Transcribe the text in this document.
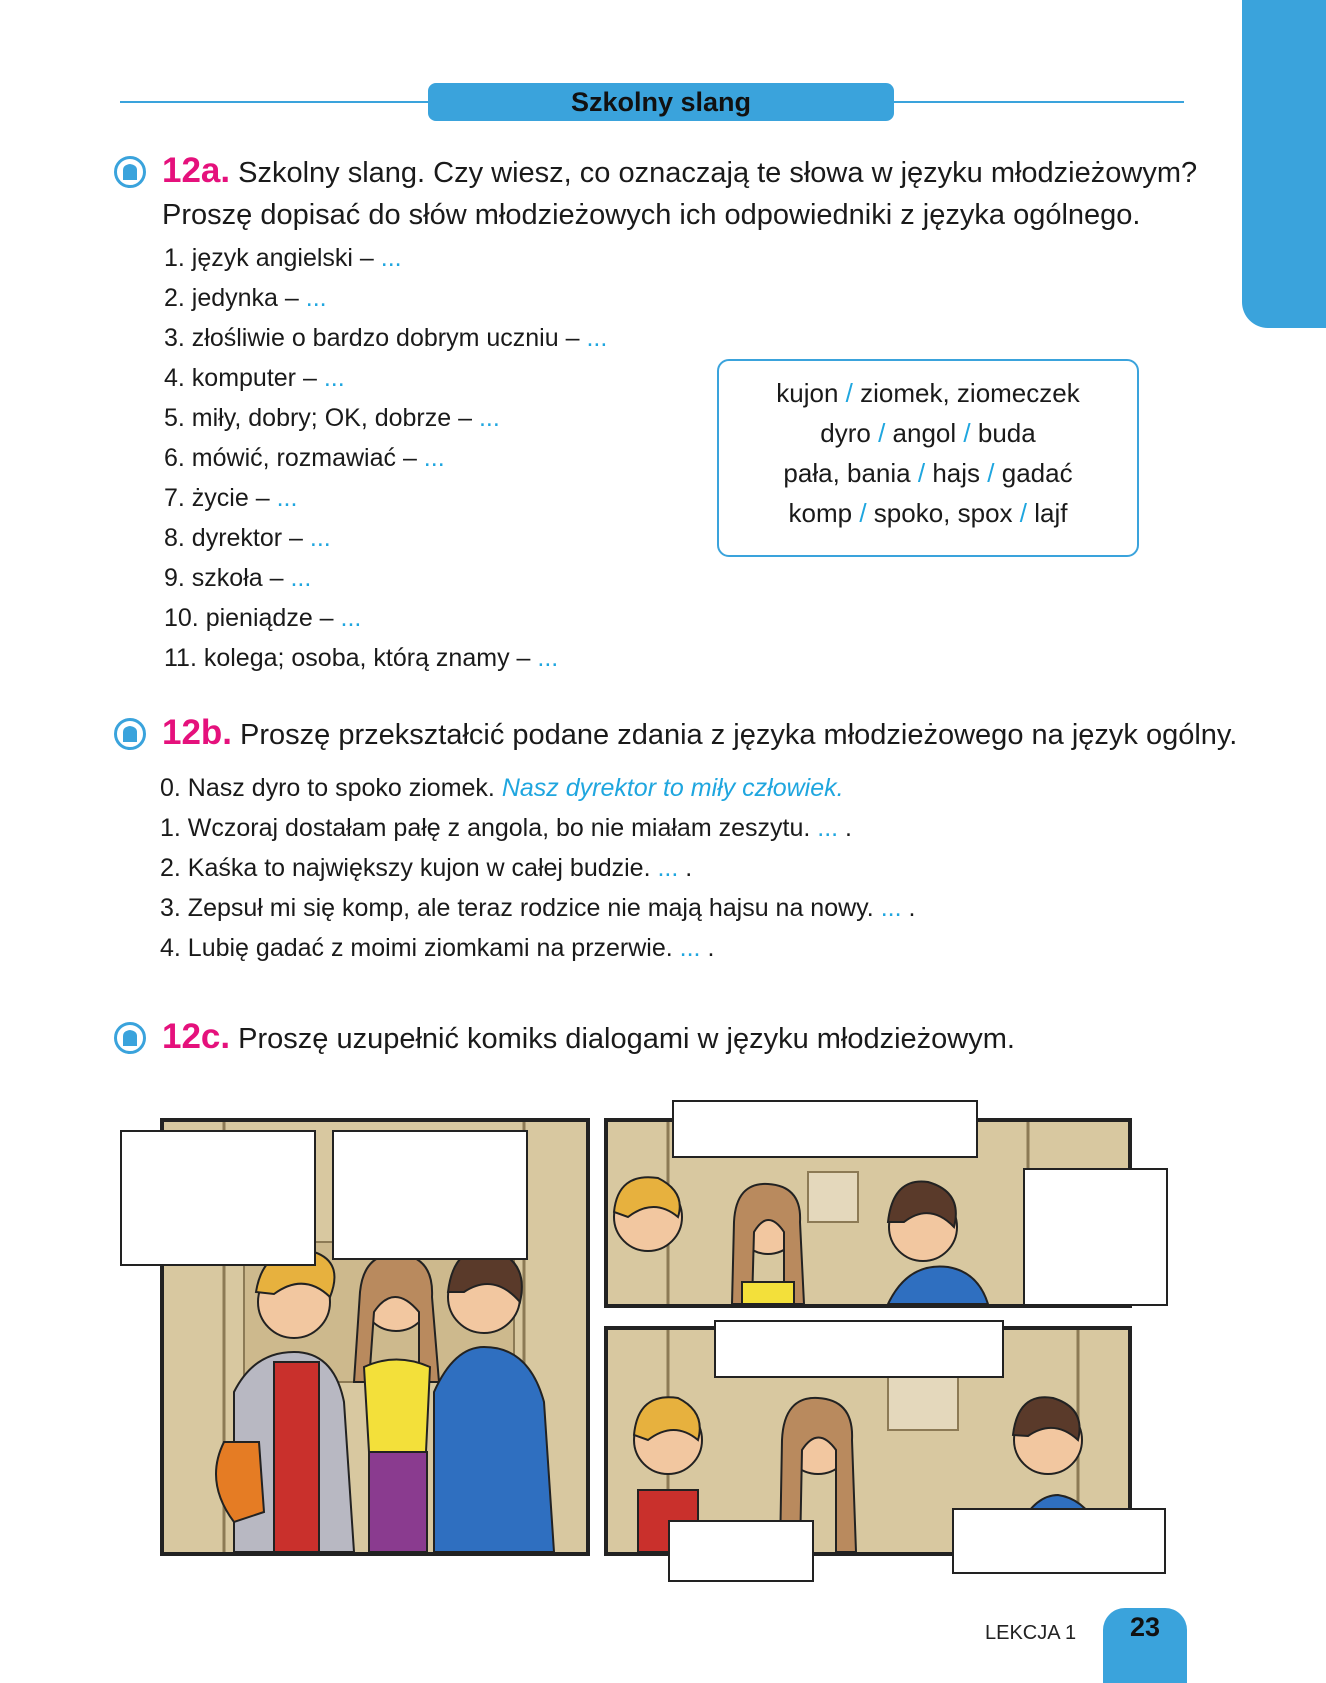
Szkolny slang
12a. Szkolny slang. Czy wiesz, co oznaczają te słowa w języku młodzieżowym?
Proszę dopisać do słów młodzieżowych ich odpowiedniki z języka ogólnego.
1. język angielski – ...
2. jedynka – ...
3. złośliwie o bardzo dobrym uczniu – ...
4. komputer – ...
5. miły, dobry; OK, dobrze – ...
6. mówić, rozmawiać – ...
7. życie – ...
8. dyrektor – ...
9. szkoła – ...
10. pieniądze – ...
11. kolega; osoba, którą znamy – ...
kujon / ziomek, ziomeczek
dyro / angol / buda
pała, bania / hajs / gadać
komp / spoko, spox / lajf
12b. Proszę przekształcić podane zdania z języka młodzieżowego na język ogólny.
0. Nasz dyro to spoko ziomek. Nasz dyrektor to miły człowiek.
1. Wczoraj dostałam pałę z angola, bo nie miałam zeszytu. ... .
2. Kaśka to największy kujon w całej budzie. ... .
3. Zepsuł mi się komp, ale teraz rodzice nie mają hajsu na nowy. ... .
4. Lubię gadać z moimi ziomkami na przerwie. ... .
12c. Proszę uzupełnić komiks dialogami w języku młodzieżowym.
LEKCJA 1	23
